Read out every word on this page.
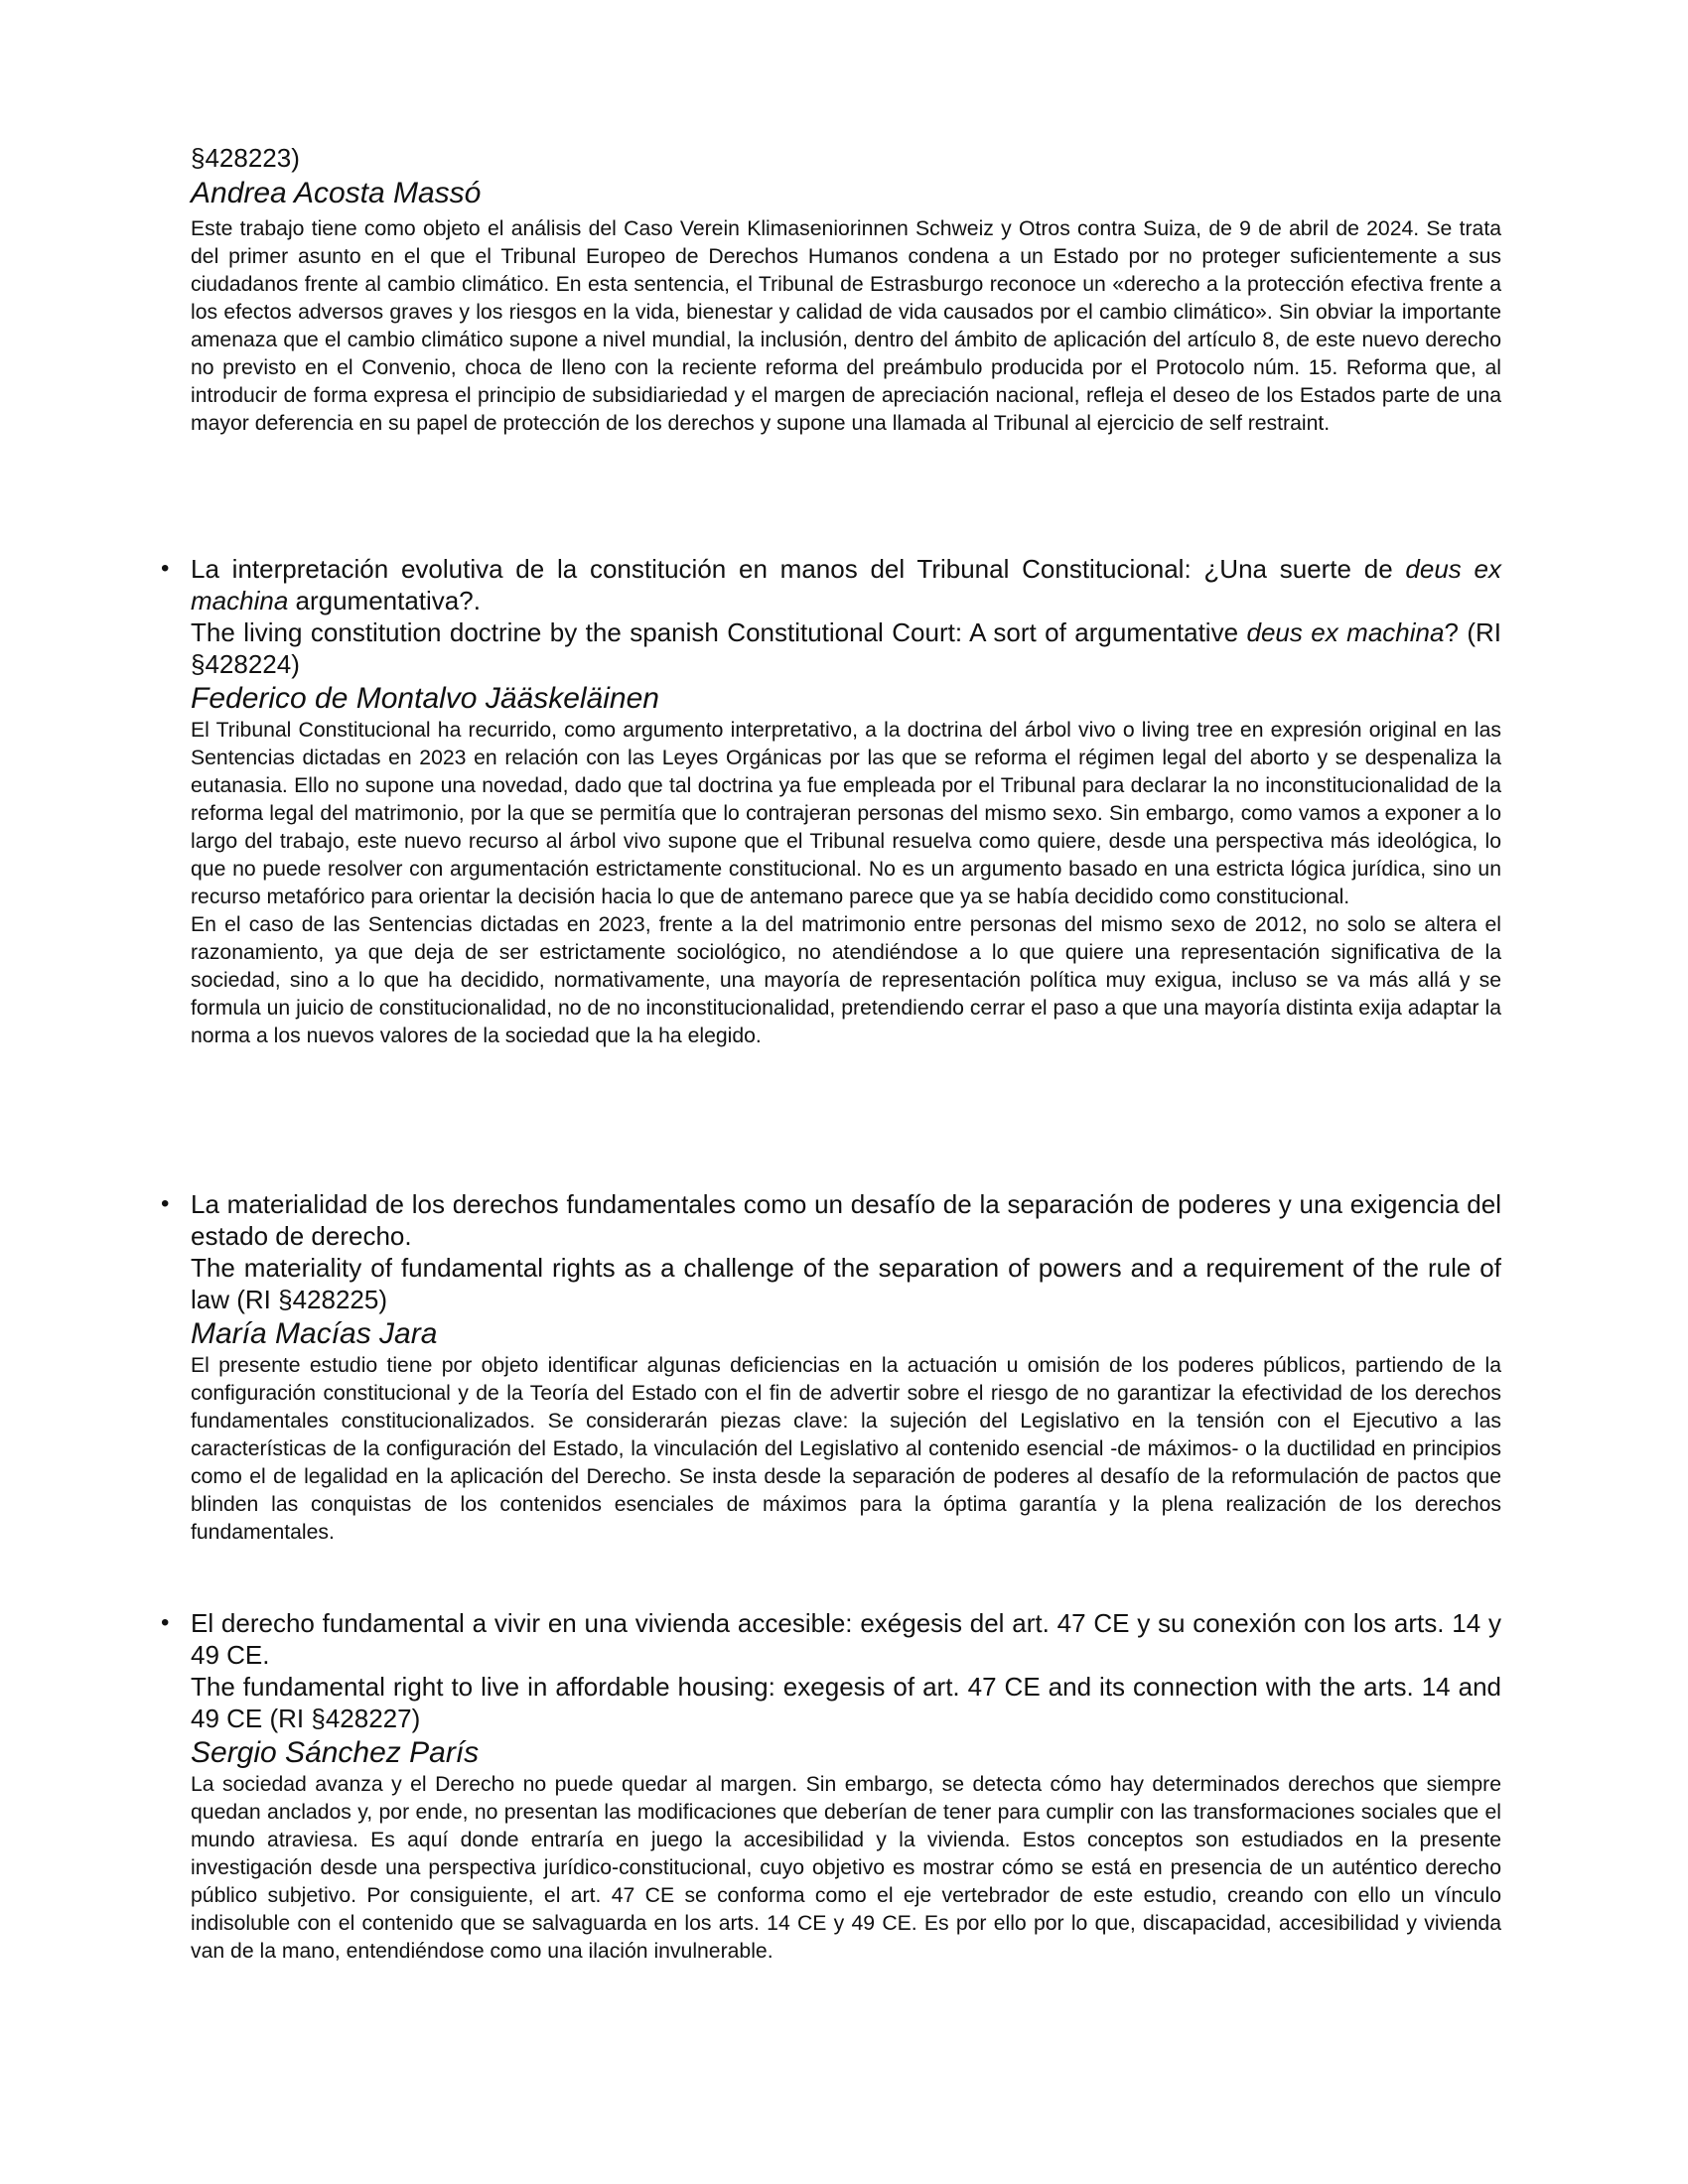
§428223)
Andrea Acosta Massó

Este trabajo tiene como objeto el análisis del Caso Verein Klimaseniorinnen Schweiz y Otros contra Suiza, de 9 de abril de 2024. Se trata del primer asunto en el que el Tribunal Europeo de Derechos Humanos condena a un Estado por no proteger suficientemente a sus ciudadanos frente al cambio climático. En esta sentencia, el Tribunal de Estrasburgo reconoce un «derecho a la protección efectiva frente a los efectos adversos graves y los riesgos en la vida, bienestar y calidad de vida causados por el cambio climático». Sin obviar la importante amenaza que el cambio climático supone a nivel mundial, la inclusión, dentro del ámbito de aplicación del artículo 8, de este nuevo derecho no previsto en el Convenio, choca de lleno con la reciente reforma del preámbulo producida por el Protocolo núm. 15. Reforma que, al introducir de forma expresa el principio de subsidiariedad y el margen de apreciación nacional, refleja el deseo de los Estados parte de una mayor deferencia en su papel de protección de los derechos y supone una llamada al Tribunal al ejercicio de self restraint.

• La interpretación evolutiva de la constitución en manos del Tribunal Constitucional: ¿Una suerte de deus ex machina argumentativa?.
The living constitution doctrine by the spanish Constitutional Court: A sort of argumentative deus ex machina? (RI §428224)
Federico de Montalvo Jääskeläinen

El Tribunal Constitucional ha recurrido, como argumento interpretativo, a la doctrina del árbol vivo o living tree en expresión original en las Sentencias dictadas en 2023 en relación con las Leyes Orgánicas por las que se reforma el régimen legal del aborto y se despenaliza la eutanasia. Ello no supone una novedad, dado que tal doctrina ya fue empleada por el Tribunal para declarar la no inconstitucionalidad de la reforma legal del matrimonio, por la que se permitía que lo contrajeran personas del mismo sexo. Sin embargo, como vamos a exponer a lo largo del trabajo, este nuevo recurso al árbol vivo supone que el Tribunal resuelva como quiere, desde una perspectiva más ideológica, lo que no puede resolver con argumentación estrictamente constitucional. No es un argumento basado en una estricta lógica jurídica, sino un recurso metafórico para orientar la decisión hacia lo que de antemano parece que ya se había decidido como constitucional.

En el caso de las Sentencias dictadas en 2023, frente a la del matrimonio entre personas del mismo sexo de 2012, no solo se altera el razonamiento, ya que deja de ser estrictamente sociológico, no atendiéndose a lo que quiere una representación significativa de la sociedad, sino a lo que ha decidido, normativamente, una mayoría de representación política muy exigua, incluso se va más allá y se formula un juicio de constitucionalidad, no de no inconstitucionalidad, pretendiendo cerrar el paso a que una mayoría distinta exija adaptar la norma a los nuevos valores de la sociedad que la ha elegido.

• La materialidad de los derechos fundamentales como un desafío de la separación de poderes y una exigencia del estado de derecho.
The materiality of fundamental rights as a challenge of the separation of powers and a requirement of the rule of law (RI §428225)
María Macías Jara

El presente estudio tiene por objeto identificar algunas deficiencias en la actuación u omisión de los poderes públicos, partiendo de la configuración constitucional y de la Teoría del Estado con el fin de advertir sobre el riesgo de no garantizar la efectividad de los derechos fundamentales constitucionalizados. Se considerarán piezas clave: la sujeción del Legislativo en la tensión con el Ejecutivo a las características de la configuración del Estado, la vinculación del Legislativo al contenido esencial -de máximos- o la ductilidad en principios como el de legalidad en la aplicación del Derecho. Se insta desde la separación de poderes al desafío de la reformulación de pactos que blinden las conquistas de los contenidos esenciales de máximos para la óptima garantía y la plena realización de los derechos fundamentales.

• El derecho fundamental a vivir en una vivienda accesible: exégesis del art. 47 CE y su conexión con los arts. 14 y 49 CE.
The fundamental right to live in affordable housing: exegesis of art. 47 CE and its connection with the arts. 14 and 49 CE (RI §428227)
Sergio Sánchez París

La sociedad avanza y el Derecho no puede quedar al margen. Sin embargo, se detecta cómo hay determinados derechos que siempre quedan anclados y, por ende, no presentan las modificaciones que deberían de tener para cumplir con las transformaciones sociales que el mundo atraviesa. Es aquí donde entraría en juego la accesibilidad y la vivienda. Estos conceptos son estudiados en la presente investigación desde una perspectiva jurídico-constitucional, cuyo objetivo es mostrar cómo se está en presencia de un auténtico derecho público subjetivo. Por consiguiente, el art. 47 CE se conforma como el eje vertebrador de este estudio, creando con ello un vínculo indisoluble con el contenido que se salvaguarda en los arts. 14 CE y 49 CE. Es por ello por lo que, discapacidad, accesibilidad y vivienda van de la mano, entendiéndose como una ilación invulnerable.
